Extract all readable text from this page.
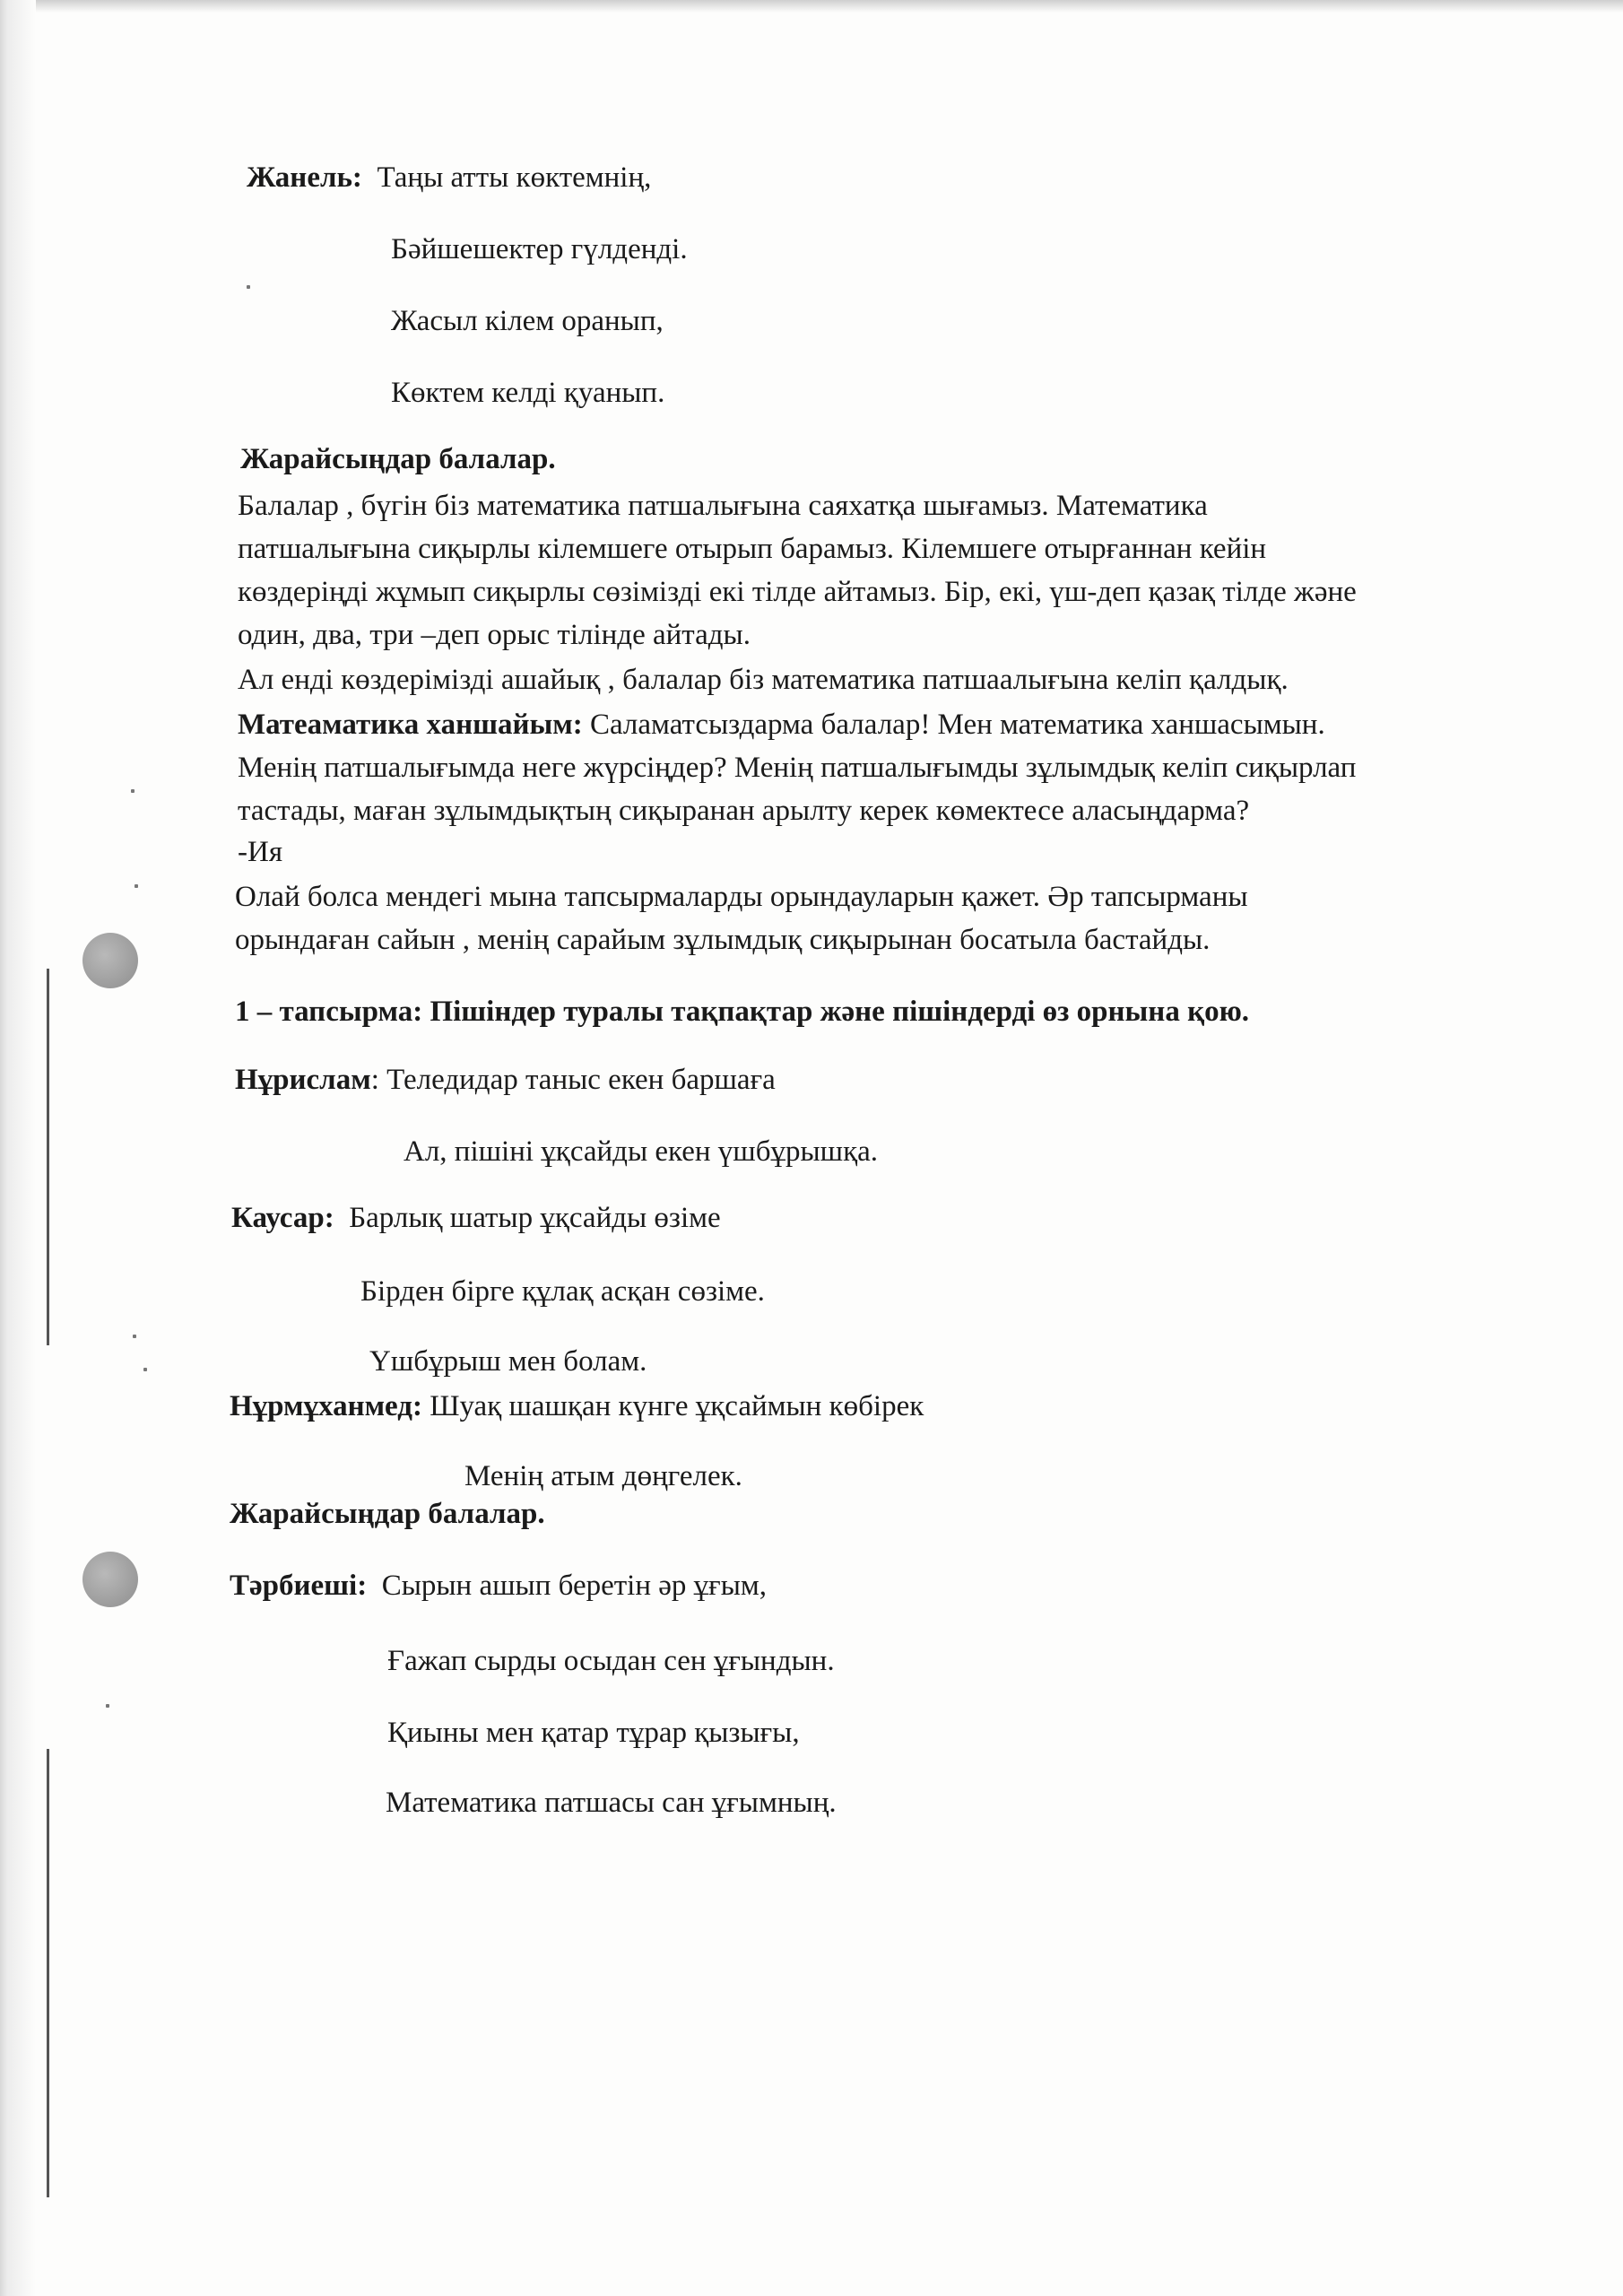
Жанель: Таңы атты көктемнің,
Бәйшешектер гүлденді.
Жасыл кілем оранып,
Көктем келді қуанып.
Жарайсыңдар балалар.
Балалар , бүгін біз математика патшалығына саяхатқа шығамыз. Математика
патшалығына сиқырлы кілемшеге отырып барамыз. Кілемшеге отырғаннан кейін
көздеріңді жұмып сиқырлы сөзімізді екі тілде айтамыз. Бір, екі, үш-деп қазақ тілде және
один, два, три –деп орыс тілінде айтады.
Ал енді көздерімізді ашайық , балалар біз математика патшаалығына келіп қалдық.
Матеаматика ханшайым: Саламатсыздарма балалар! Мен математика ханшасымын.
Менің патшалығымда неге жүрсіңдер? Менің патшалығымды зұлымдық келіп сиқырлап
тастады, маған зұлымдықтың сиқыранан арылту керек көмектесе аласыңдарма?
-Ия
Олай болса мендегі мына тапсырмаларды орындауларын қажет. Әр тапсырманы
орындаған сайын , менің сарайым зұлымдық сиқырынан босатыла бастайды.
1 – тапсырма: Пішіндер туралы тақпақтар және пішіндерді өз орнына қою.
Нұрислам: Теледидар таныс екен баршаға
Ал, пішіні ұқсайды екен үшбұрышқа.
Каусар: Барлық шатыр ұқсайды өзіме
Бірден бірге құлақ асқан сөзіме.
Үшбұрыш мен болам.
Нұрмұханмед: Шуақ шашқан күнге ұқсаймын көбірек
Менің атым дөңгелек.
Жарайсыңдар балалар.
Тәрбиеші: Сырын ашып беретін әр ұғым,
Ғажап сырды осыдан сен ұғындын.
Қиыны мен қатар тұрар қызығы,
Математика патшасы сан ұғымның.
